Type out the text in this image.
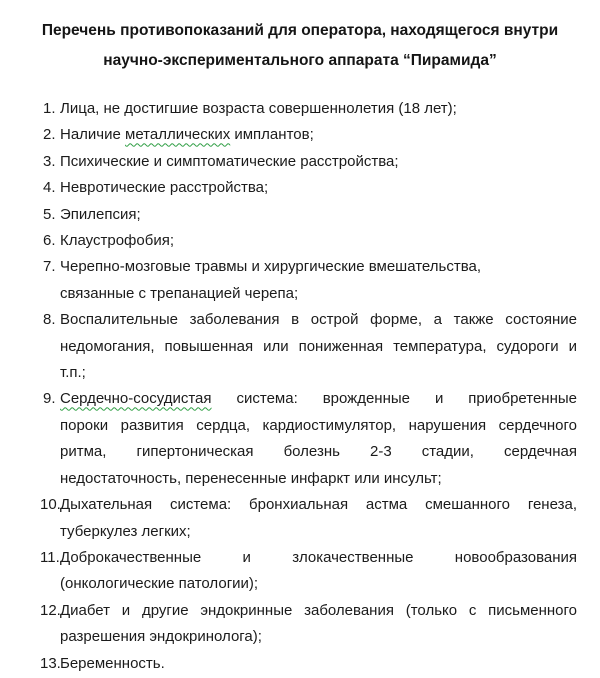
Перечень противопоказаний для оператора, находящегося внутри
научно-экспериментального аппарата “Пирамида”
1. Лица, не достигшие возраста совершеннолетия (18 лет);
2. Наличие металлических имплантов;
3. Психические и симптоматические расстройства;
4. Невротические расстройства;
5. Эпилепсия;
6. Клаустрофобия;
7. Черепно-мозговые травмы и хирургические вмешательства,
связанные с трепанацией черепа;
8. Воспалительные заболевания в острой форме, а также состояние
недомогания, повышенная или пониженная температура, судороги и
т.п.;
9. Сердечно-сосудистая система: врожденные и приобретенные
пороки развития сердца, кардиостимулятор, нарушения сердечного
ритма, гипертоническая болезнь 2-3 стадии, сердечная
недостаточность, перенесенные инфаркт или инсульт;
10. Дыхательная система: бронхиальная астма смешанного генеза,
туберкулез легких;
11. Доброкачественные и злокачественные новообразования
(онкологические патологии);
12. Диабет и другие эндокринные заболевания (только с письменного
разрешения эндокринолога);
13. Беременность.
